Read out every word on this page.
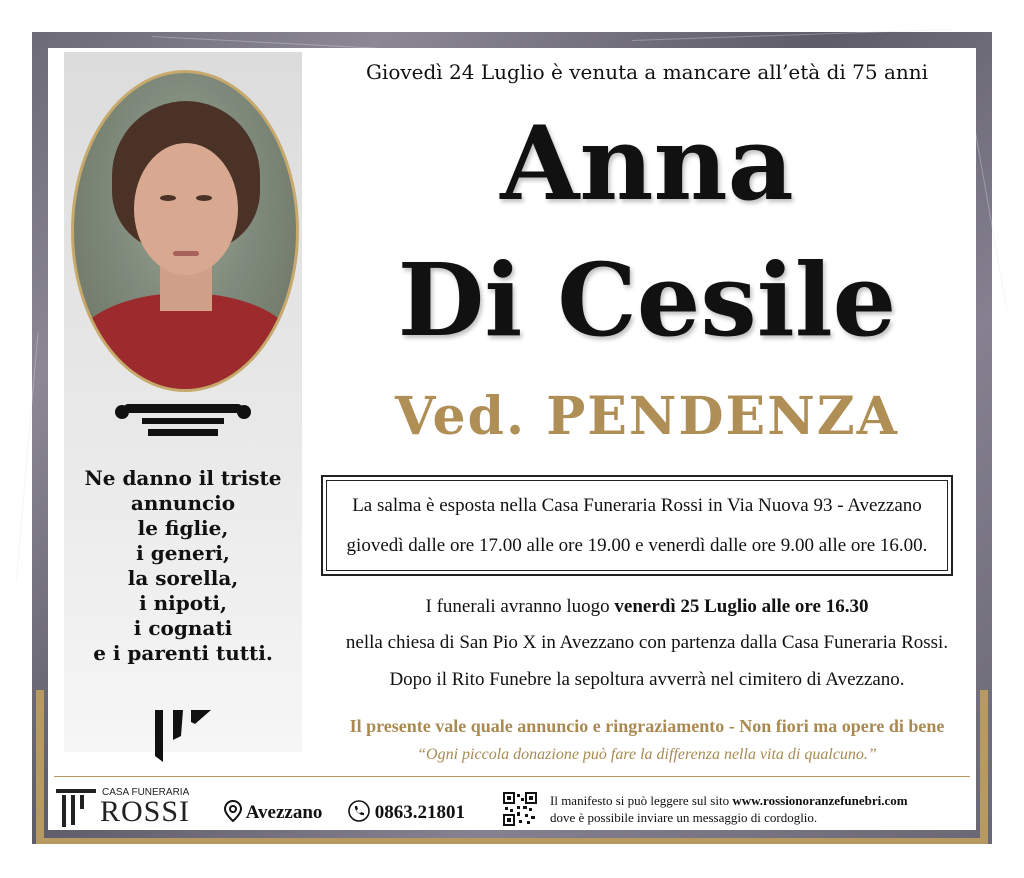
Ne danno il triste
annuncio
le figlie,
i generi,
la sorella,
i nipoti,
i cognati
e i parenti tutti.
Giovedì 24 Luglio è venuta a mancare all’età di 75 anni
Anna
Di Cesile
Ved. PENDENZA
La salma è esposta nella Casa Funeraria Rossi in Via Nuova 93 - Avezzano
giovedì dalle ore 17.00 alle ore 19.00 e venerdì dalle ore 9.00 alle ore 16.00.
I funerali avranno luogo venerdì 25 Luglio alle ore 16.30
nella chiesa di San Pio X in Avezzano con partenza dalla Casa Funeraria Rossi.
Dopo il Rito Funebre la sepoltura avverrà nel cimitero di Avezzano.
Il presente vale quale annuncio e ringraziamento - Non fiori ma opere di bene
“Ogni piccola donazione può fare la differenza nella vita di qualcuno.”
CASA FUNERARIA
ROSSI	Avezzano	0863.21801
Il manifesto si può leggere sul sito www.rossionoranzefunebri.com
dove è possibile inviare un messaggio di cordoglio.
